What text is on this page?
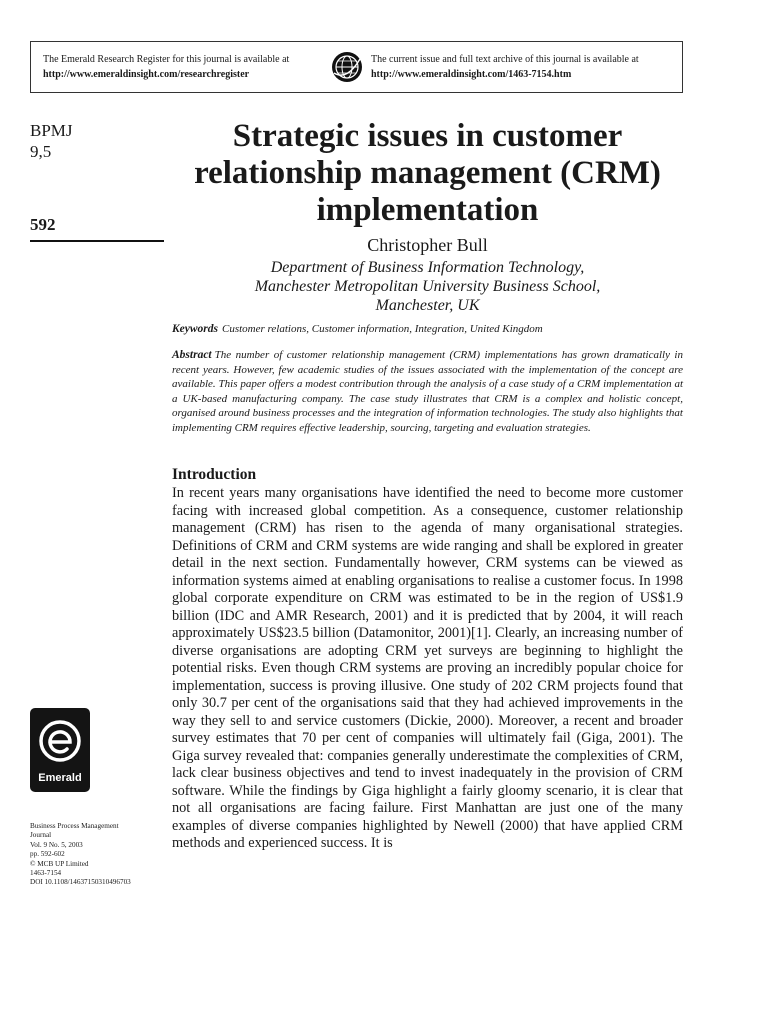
The Emerald Research Register for this journal is available at
http://www.emeraldinsight.com/researchregister
The current issue and full text archive of this journal is available at
http://www.emeraldinsight.com/1463-7154.htm
BPMJ
9,5
592
Strategic issues in customer relationship management (CRM) implementation
Christopher Bull
Department of Business Information Technology,
Manchester Metropolitan University Business School,
Manchester, UK
Keywords Customer relations, Customer information, Integration, United Kingdom
Abstract The number of customer relationship management (CRM) implementations has grown dramatically in recent years. However, few academic studies of the issues associated with the implementation of the concept are available. This paper offers a modest contribution through the analysis of a case study of a CRM implementation at a UK-based manufacturing company. The case study illustrates that CRM is a complex and holistic concept, organised around business processes and the integration of information technologies. The study also highlights that implementing CRM requires effective leadership, sourcing, targeting and evaluation strategies.
Introduction

In recent years many organisations have identified the need to become more customer facing with increased global competition. As a consequence, customer relationship management (CRM) has risen to the agenda of many organisational strategies. Definitions of CRM and CRM systems are wide ranging and shall be explored in greater detail in the next section. Fundamentally however, CRM systems can be viewed as information systems aimed at enabling organisations to realise a customer focus. In 1998 global corporate expenditure on CRM was estimated to be in the region of US$1.9 billion (IDC and AMR Research, 2001) and it is predicted that by 2004, it will reach approximately US$23.5 billion (Datamonitor, 2001)[1]. Clearly, an increasing number of diverse organisations are adopting CRM yet surveys are beginning to highlight the potential risks. Even though CRM systems are proving an incredibly popular choice for implementation, success is proving illusive. One study of 202 CRM projects found that only 30.7 per cent of the organisations said that they had achieved improvements in the way they sell to and service customers (Dickie, 2000). Moreover, a recent and broader survey estimates that 70 per cent of companies will ultimately fail (Giga, 2001). The Giga survey revealed that: companies generally underestimate the complexities of CRM, lack clear business objectives and tend to invest inadequately in the provision of CRM software. While the findings by Giga highlight a fairly gloomy scenario, it is clear that not all organisations are facing failure. First Manhattan are just one of the many examples of diverse companies highlighted by Newell (2000) that have applied CRM methods and experienced success. It is

Emerald
Business Process Management
Journal
Vol. 9 No. 5, 2003
pp. 592-602
© MCB UP Limited
1463-7154
DOI 10.1108/14637150310496703
